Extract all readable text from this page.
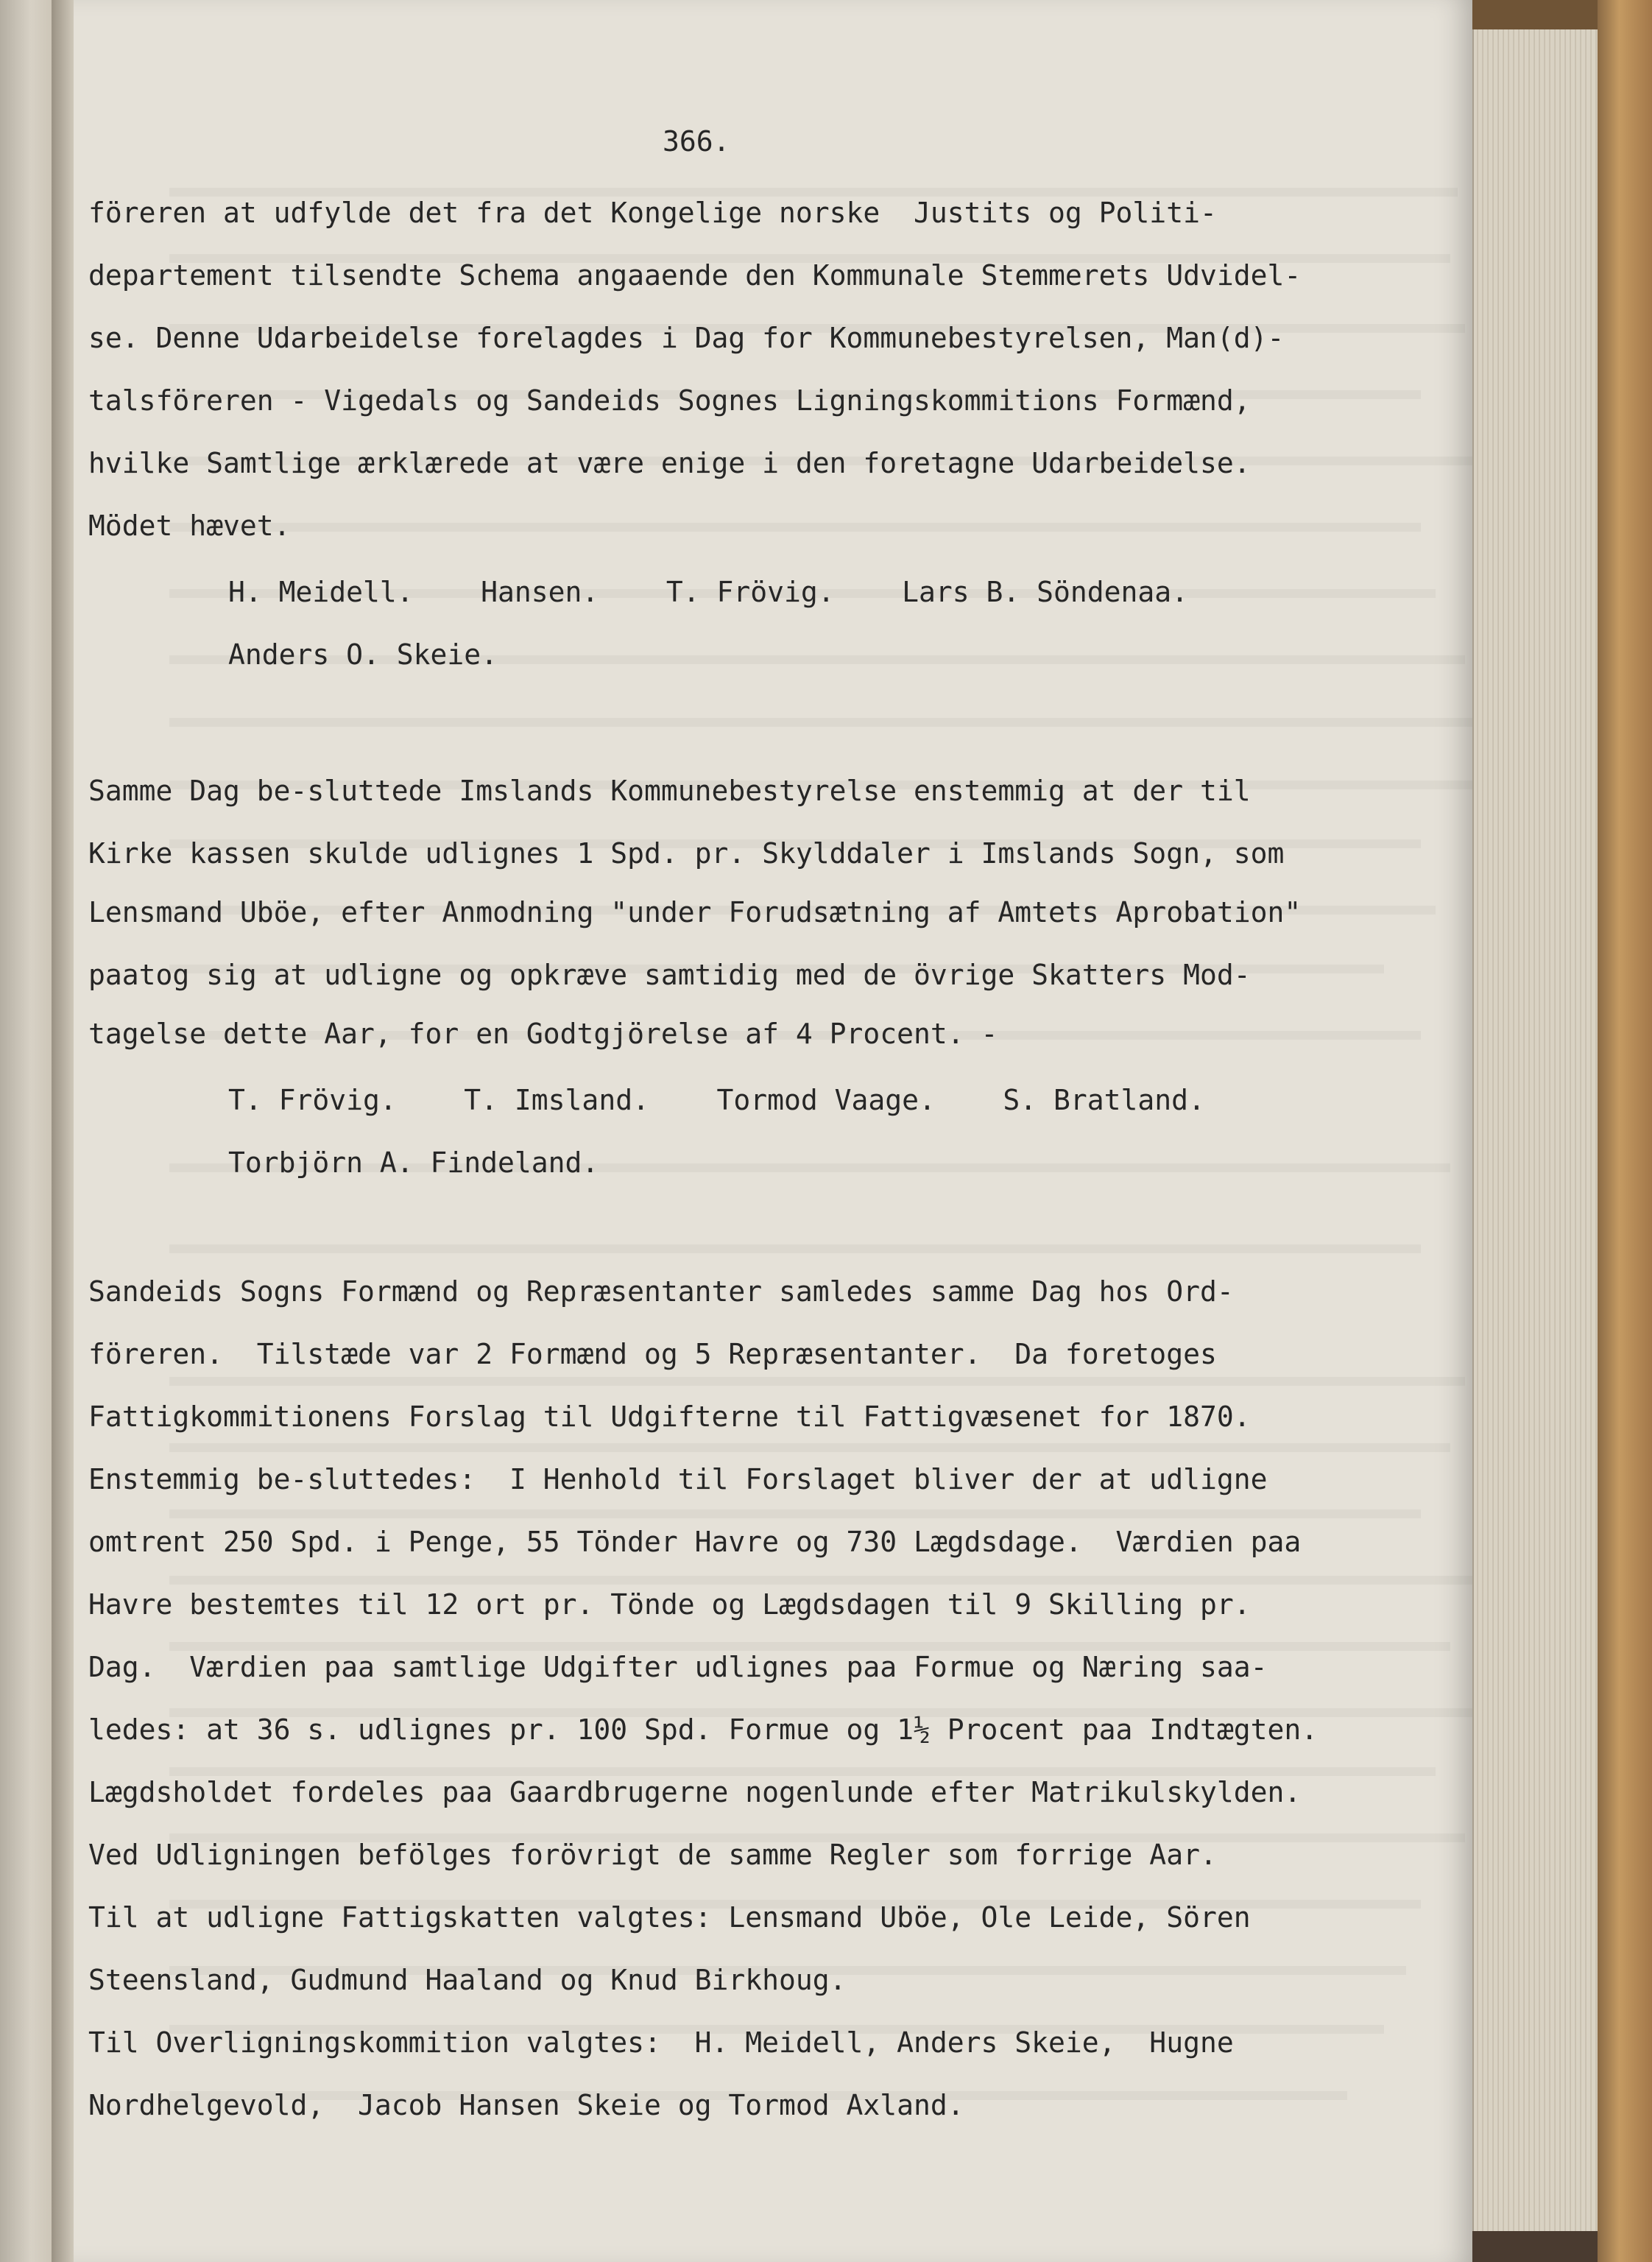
366.
föreren at udfylde det fra det Kongelige norske  Justits og Politi-
departement tilsendte Schema angaaende den Kommunale Stemmerets Udvidel-
se. Denne Udarbeidelse forelagdes i Dag for Kommunebestyrelsen, Man(d)-
talsföreren - Vigedals og Sandeids Sognes Ligningskommitions Formænd,
hvilke Samtlige ærklærede at være enige i den foretagne Udarbeidelse.
Mödet hævet.
H. Meidell.    Hansen.    T. Frövig.    Lars B. Söndenaa.
Anders O. Skeie.
Samme Dag be-sluttede Imslands Kommunebestyrelse enstemmig at der til
Kirke kassen skulde udlignes 1 Spd. pr. Skylddaler i Imslands Sogn, som
Lensmand Uböe, efter Anmodning "under Forudsætning af Amtets Aprobation"
paatog sig at udligne og opkræve samtidig med de övrige Skatters Mod-
tagelse dette Aar, for en Godtgjörelse af 4 Procent. -
T. Frövig.    T. Imsland.    Tormod Vaage.    S. Bratland.
Torbjörn A. Findeland.
Sandeids Sogns Formænd og Repræsentanter samledes samme Dag hos Ord-
föreren.  Tilstæde var 2 Formænd og 5 Repræsentanter.  Da foretoges
Fattigkommitionens Forslag til Udgifterne til Fattigvæsenet for 1870.
Enstemmig be-sluttedes:  I Henhold til Forslaget bliver der at udligne
omtrent 250 Spd. i Penge, 55 Tönder Havre og 730 Lægdsdage.  Værdien paa
Havre bestemtes til 12 ort pr. Tönde og Lægdsdagen til 9 Skilling pr.
Dag.  Værdien paa samtlige Udgifter udlignes paa Formue og Næring saa-
ledes: at 36 s. udlignes pr. 100 Spd. Formue og 1½ Procent paa Indtægten.
Lægdsholdet fordeles paa Gaardbrugerne nogenlunde efter Matrikulskylden.
Ved Udligningen befölges forövrigt de samme Regler som forrige Aar.
Til at udligne Fattigskatten valgtes: Lensmand Uböe, Ole Leide, Sören
Steensland, Gudmund Haaland og Knud Birkhoug.
Til Overligningskommition valgtes:  H. Meidell, Anders Skeie,  Hugne
Nordhelgevold,  Jacob Hansen Skeie og Tormod Axland.
